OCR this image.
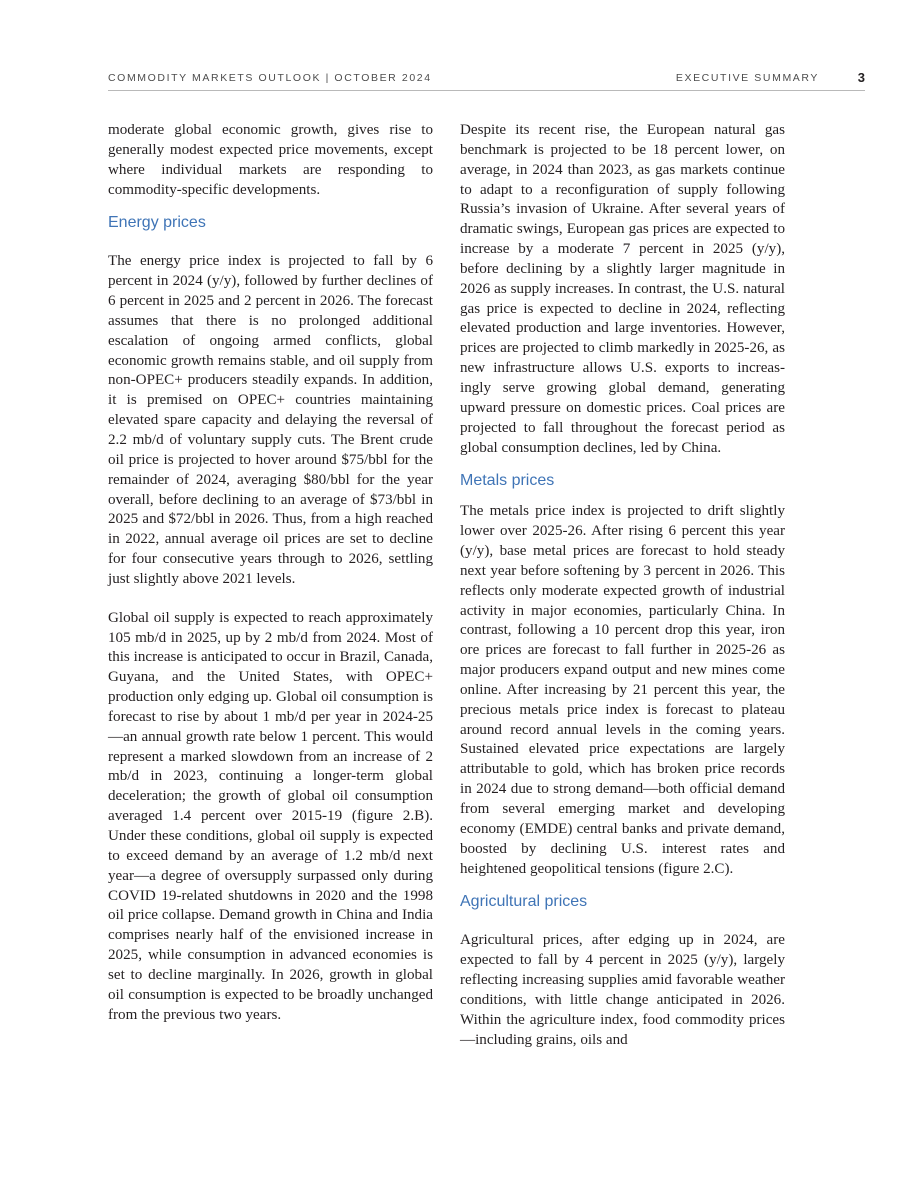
COMMODITY MARKETS OUTLOOK | OCTOBER 2024	EXECUTIVE SUMMARY	3

moderate global economic growth, gives rise to generally modest expected price movements, except where individual markets are responding to commodity-specific developments.

Energy prices

The energy price index is projected to fall by 6 percent in 2024 (y/y), followed by further declines of 6 percent in 2025 and 2 percent in 2026. The forecast assumes that there is no prolonged additional escalation of ongoing armed conflicts, global economic growth remains stable, and oil supply from non-OPEC+ producers steadily expands. In addition, it is premised on OPEC+ countries maintaining elevated spare capacity and delaying the reversal of 2.2 mb/d of voluntary supply cuts. The Brent crude oil price is projected to hover around $75/bbl for the remainder of 2024, averaging $80/bbl for the year overall, before declining to an average of $73/bbl in 2025 and $72/bbl in 2026. Thus, from a high reached in 2022, annual average oil prices are set to decline for four consecutive years through to 2026, settling just slightly above 2021 levels.

Global oil supply is expected to reach approximately 105 mb/d in 2025, up by 2 mb/d from 2024. Most of this increase is anticipated to occur in Brazil, Canada, Guyana, and the United States, with OPEC+ production only edging up. Global oil consumption is forecast to rise by about 1 mb/d per year in 2024-25—an annual growth rate below 1 percent. This would represent a marked slowdown from an increase of 2 mb/d in 2023, continuing a longer-term global deceleration; the growth of global oil consumption averaged 1.4 percent over 2015-19 (figure 2.B). Under these conditions, global oil supply is expected to exceed demand by an average of 1.2 mb/d next year—a degree of oversupply surpassed only during COVID 19-related shutdowns in 2020 and the 1998 oil price collapse. Demand growth in China and India comprises nearly half of the envisioned increase in 2025, while consumption in advanced economies is set to decline marginally. In 2026, growth in global oil consumption is expected to be broadly unchanged from the previous two years.

Despite its recent rise, the European natural gas benchmark is projected to be 18 percent lower, on average, in 2024 than 2023, as gas markets continue to adapt to a reconfiguration of supply following Russia’s invasion of Ukraine. After several years of dramatic swings, European gas prices are expected to increase by a moderate 7 percent in 2025 (y/y), before declining by a slightly larger magnitude in 2026 as supply increases. In contrast, the U.S. natural gas price is expected to decline in 2024, reflecting elevated production and large inventories. However, prices are projected to climb markedly in 2025-26, as new infrastructure allows U.S. exports to increasingly serve growing global demand, generating upward pressure on domestic prices. Coal prices are projected to fall throughout the forecast period as global consumption declines, led by China.

Metals prices

The metals price index is projected to drift slightly lower over 2025-26. After rising 6 percent this year (y/y), base metal prices are forecast to hold steady next year before softening by 3 percent in 2026. This reflects only moderate expected growth of industrial activity in major economies, particularly China. In contrast, following a 10 percent drop this year, iron ore prices are forecast to fall further in 2025-26 as major producers expand output and new mines come online. After increasing by 21 percent this year, the precious metals price index is forecast to plateau around record annual levels in the coming years. Sustained elevated price expectations are largely attributable to gold, which has broken price records in 2024 due to strong demand—both official demand from several emerging market and developing economy (EMDE) central banks and private demand, boosted by declining U.S. interest rates and heightened geopolitical tensions (figure 2.C).

Agricultural prices

Agricultural prices, after edging up in 2024, are expected to fall by 4 percent in 2025 (y/y), largely reflecting increasing supplies amid favorable weather conditions, with little change anticipated in 2026. Within the agriculture index, food commodity prices—including grains, oils and
